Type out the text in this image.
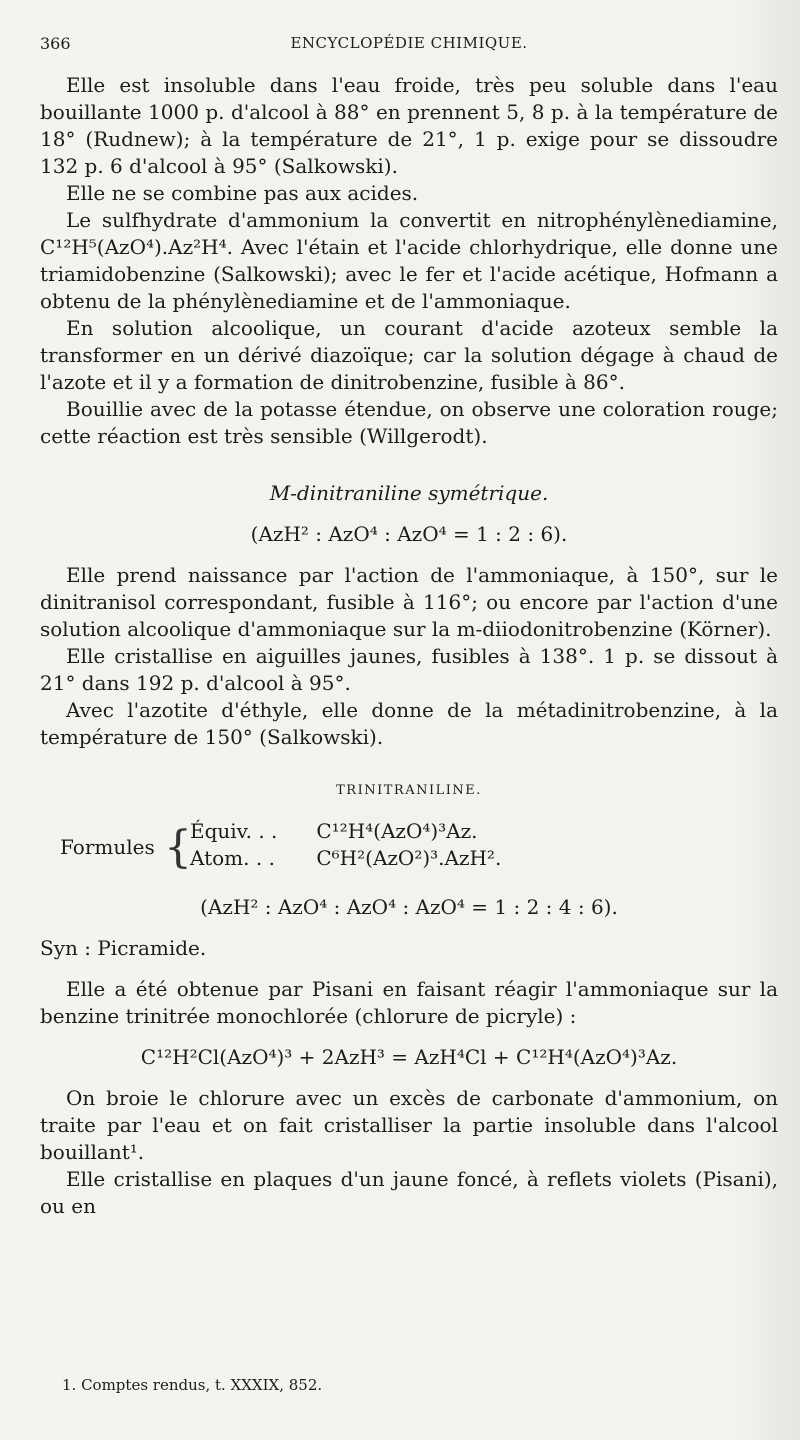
366	ENCYCLOPÉDIE CHIMIQUE.

Elle est insoluble dans l'eau froide, très peu soluble dans l'eau bouillante 1000 p. d'alcool à 88° en prennent 5, 8 p. à la température de 18° (Rudnew); à la température de 21°, 1 p. exige pour se dissoudre 132 p. 6 d'alcool à 95° (Salkowski).

Elle ne se combine pas aux acides.

Le sulfhydrate d'ammonium la convertit en nitrophénylènediamine, C¹²H⁵(AzO⁴).Az²H⁴. Avec l'étain et l'acide chlorhydrique, elle donne une triamidobenzine (Salkowski); avec le fer et l'acide acétique, Hofmann a obtenu de la phénylènediamine et de l'ammoniaque.

En solution alcoolique, un courant d'acide azoteux semble la transformer en un dérivé diazoïque; car la solution dégage à chaud de l'azote et il y a formation de dinitrobenzine, fusible à 86°.

Bouillie avec de la potasse étendue, on observe une coloration rouge; cette réaction est très sensible (Willgerodt).

M-dinitraniline symétrique.

(AzH² : AzO⁴ : AzO⁴ = 1 : 2 : 6).

Elle prend naissance par l'action de l'ammoniaque, à 150°, sur le dinitranisol correspondant, fusible à 116°; ou encore par l'action d'une solution alcoolique d'ammoniaque sur la m-diiodonitrobenzine (Körner).

Elle cristallise en aiguilles jaunes, fusibles à 138°. 1 p. se dissout à 21° dans 192 p. d'alcool à 95°.

Avec l'azotite d'éthyle, elle donne de la métadinitrobenzine, à la température de 150° (Salkowski).

TRINITRANILINE.

Formules {
Équiv. . . C¹²H⁴(AzO⁴)³Az.
Atom. . . C⁶H²(AzO²)³.AzH².

(AzH² : AzO⁴ : AzO⁴ : AzO⁴ = 1 : 2 : 4 : 6).

Syn : Picramide.

Elle a été obtenue par Pisani en faisant réagir l'ammoniaque sur la benzine trinitrée monochlorée (chlorure de picryle) :

C¹²H²Cl(AzO⁴)³ + 2AzH³ = AzH⁴Cl + C¹²H⁴(AzO⁴)³Az.

On broie le chlorure avec un excès de carbonate d'ammonium, on traite par l'eau et on fait cristalliser la partie insoluble dans l'alcool bouillant¹.

Elle cristallise en plaques d'un jaune foncé, à reflets violets (Pisani), ou en

1. Comptes rendus, t. XXXIX, 852.
